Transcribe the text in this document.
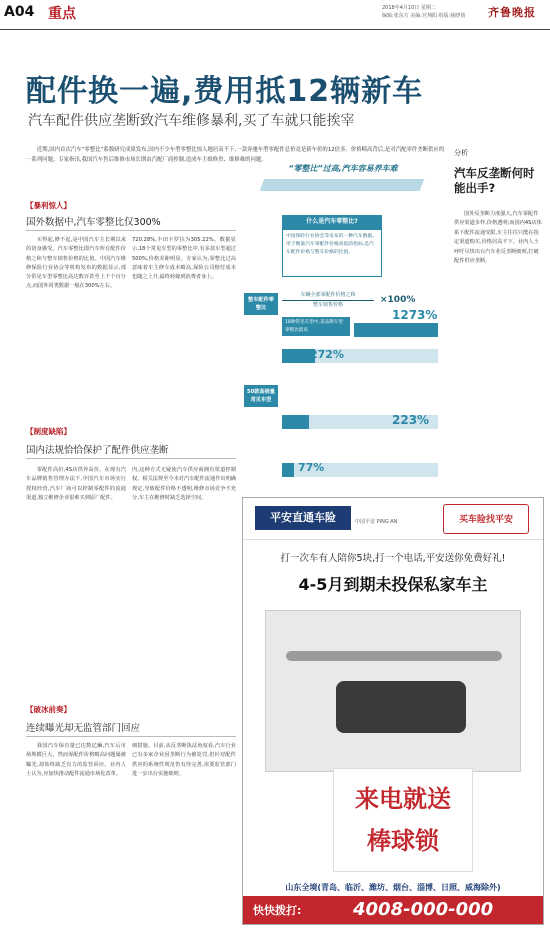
A04 重点	2018年4月10日 星期二
编辑:张东方 美编:宫翔阳 组版:杨晓倩	齐鲁晚报
配件换一遍,费用抵12辆新车
汽车配件供应垄断致汽车维修暴利,买了车就只能挨宰
　　近期,国内首次汽车“零整比”系数研究成果发布,国内不少车型零整比惊人地居高不下,一款奔驰车型零配件总价竟是新车价的12倍多。价格畸高背后,是对汽配零件垄断供应的一系列问题。专家指出,我国汽车售后维修市场长期由汽配厂商控制,造成车主维修贵、维修难的问题。
分析
汽车反垄断何时能出手?
国外反垄断力度强大,汽车零配件供应渠道多样,价格透明;而国内4S店体系下配件流通受限,车主往往只能在指定渠道购买,价格居高不下。业内人士呼吁尽快出台汽车业反垄断细则,打破配件供应垄断。
【暴利惊人】
国外数据中,汽车零整比仅300%
　　买得起,修不起,是中国汽车主长期以来的切身感受。汽车零整比即汽车所有配件价格之和与整车销售价格的比值。中国汽车维修保险行业协会等机构发布的数据显示,部分常见车型零整比高达数百甚至上千个百分点,而国外同类数据一般在300%左右。
720.28%,丰田卡罗拉为305.22%。数据显示,18个常见车型的零整比中,有多款车型超过500%,价格差距明显。专家认为,零整比过高意味着车主修车成本畸高,保险公司赔付成本也随之上升,最终转嫁到消费者身上。
【制度缺陷】
国内法规恰恰保护了配件供应垄断
　　零配件高价,4S店供养高价。在现有汽车品牌销售管理办法下,中国汽车市场实行授权经营,汽车厂商可以控制零配件的流通渠道,独立维修企业很难买到原厂配件。
内,这种方式无疑使汽车供应商拥有渠道控制权。相关法规至今未对汽车配件流通作出明确规定,导致配件价格不透明,维修市场竞争不充分,车主在维修时缺乏选择空间。
【破冰前奏】
连续曝光却无监管部门回应
　　我国汽车保有量已达数亿辆,汽车后市场规模巨大。然而零配件价格畸高问题屡被曝光,却始终缺乏有力的监管回应。业内人士认为,应加快推动配件流通市场化改革。
细措施。目前,从反垄断执法角度看,汽车行业已有多家企业因垄断行为被处罚,但针对配件供应的系统性规范仍有待完善,需要监管部门进一步出台实施细则。
“零整比”过高,汽车容易养车难
什么是汽车零整比?
中国保险行业协会等发布的一种汽车数据,用于衡量汽车零配件价格高低的指标,是汽车配件价格与整车价格的比值。
整车配件零整比
车辆全部零配件价格之和
整车销售价格	×100%
18种常见车型中,某品牌车型零整比最高
1273%
272%
50款高销量常见车型
223%
77%
平安直通车险	中国平安 PING AN	买车险找平安
打一次车有人陪你5块,打一个电话,平安送你免费好礼!
4-5月到期未投保私家车主
来电就送
棒球锁
山东全境(青岛、临沂、潍坊、烟台、淄博、日照、威海除外)
快快拨打:	4008-000-000
